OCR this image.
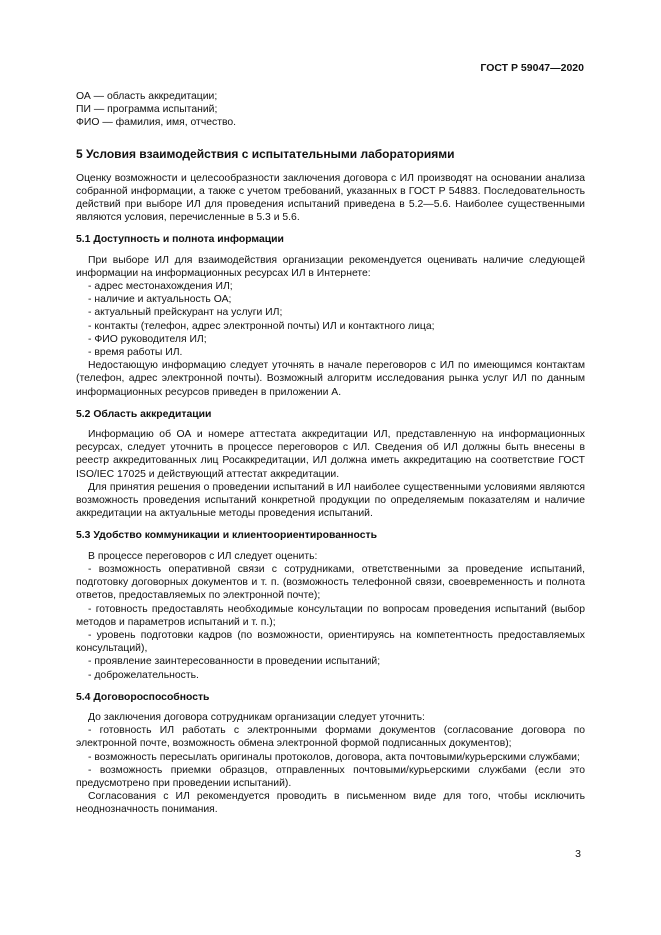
ГОСТ Р 59047—2020

ОА — область аккредитации;

ПИ — программа испытаний;

ФИО — фамилия, имя, отчество.

5 Условия взаимодействия с испытательными лабораториями

Оценку возможности и целесообразности заключения договора с ИЛ производят на основании анализа собранной информации, а также с учетом требований, указанных в ГОСТ Р 54883. Последовательность действий при выборе ИЛ для проведения испытаний приведена в 5.2—5.6. Наиболее существенными являются условия, перечисленные в 5.3 и 5.6.

5.1 Доступность и полнота информации

При выборе ИЛ для взаимодействия организации рекомендуется оценивать наличие следующей информации на информационных ресурсах ИЛ в Интернете:

- адрес местонахождения ИЛ;

- наличие и актуальность ОА;

- актуальный прейскурант на услуги ИЛ;

- контакты (телефон, адрес электронной почты) ИЛ и контактного лица;

- ФИО руководителя ИЛ;

- время работы ИЛ.

Недостающую информацию следует уточнять в начале переговоров с ИЛ по имеющимся контактам (телефон, адрес электронной почты). Возможный алгоритм исследования рынка услуг ИЛ по данным информационных ресурсов приведен в приложении А.

5.2 Область аккредитации

Информацию об ОА и номере аттестата аккредитации ИЛ, представленную на информационных ресурсах, следует уточнить в процессе переговоров с ИЛ. Сведения об ИЛ должны быть внесены в реестр аккредитованных лиц Росаккредитации, ИЛ должна иметь аккредитацию на соответствие ГОСТ ISO/IEC 17025 и действующий аттестат аккредитации.

Для принятия решения о проведении испытаний в ИЛ наиболее существенными условиями являются возможность проведения испытаний конкретной продукции по определяемым показателям и наличие аккредитации на актуальные методы проведения испытаний.

5.3 Удобство коммуникации и клиентоориентированность

В процессе переговоров с ИЛ следует оценить:

- возможность оперативной связи с сотрудниками, ответственными за проведение испытаний, подготовку договорных документов и т. п. (возможность телефонной связи, своевременность и полнота ответов, предоставляемых по электронной почте);

- готовность предоставлять необходимые консультации по вопросам проведения испытаний (выбор методов и параметров испытаний и т. п.);

- уровень подготовки кадров (по возможности, ориентируясь на компетентность предоставляемых консультаций),

- проявление заинтересованности в проведении испытаний;

- доброжелательность.

5.4 Договороспособность

До заключения договора сотрудникам организации следует уточнить:

- готовность ИЛ работать с электронными формами документов (согласование договора по электронной почте, возможность обмена электронной формой подписанных документов);

- возможность пересылать оригиналы протоколов, договора, акта почтовыми/курьерскими службами;

- возможность приемки образцов, отправленных почтовыми/курьерскими службами (если это предусмотрено при проведении испытаний).

Согласования с ИЛ рекомендуется проводить в письменном виде для того, чтобы исключить неоднозначность понимания.

3
